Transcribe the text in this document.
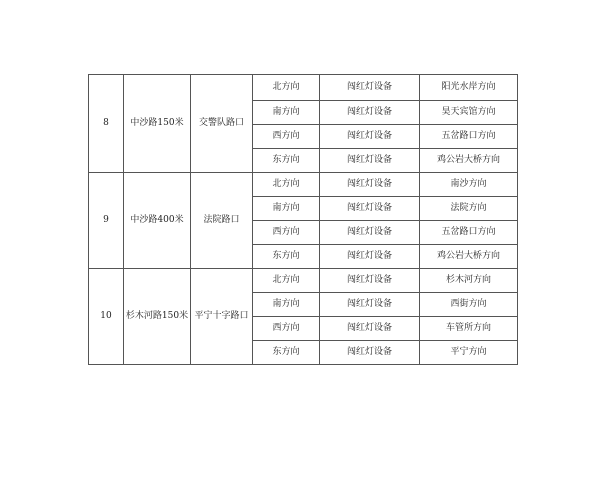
8	中沙路150米	交警队路口	北方向	闯红灯设备	阳光水岸方向
			南方向	闯红灯设备	昊天宾馆方向
			西方向	闯红灯设备	五岔路口方向
			东方向	闯红灯设备	鸡公岩大桥方向
9	中沙路400米	法院路口	北方向	闯红灯设备	南沙方向
			南方向	闯红灯设备	法院方向
			西方向	闯红灯设备	五岔路口方向
			东方向	闯红灯设备	鸡公岩大桥方向
10	杉木河路150米	平宁十字路口	北方向	闯红灯设备	杉木河方向
			南方向	闯红灯设备	西街方向
			西方向	闯红灯设备	车管所方向
			东方向	闯红灯设备	平宁方向
